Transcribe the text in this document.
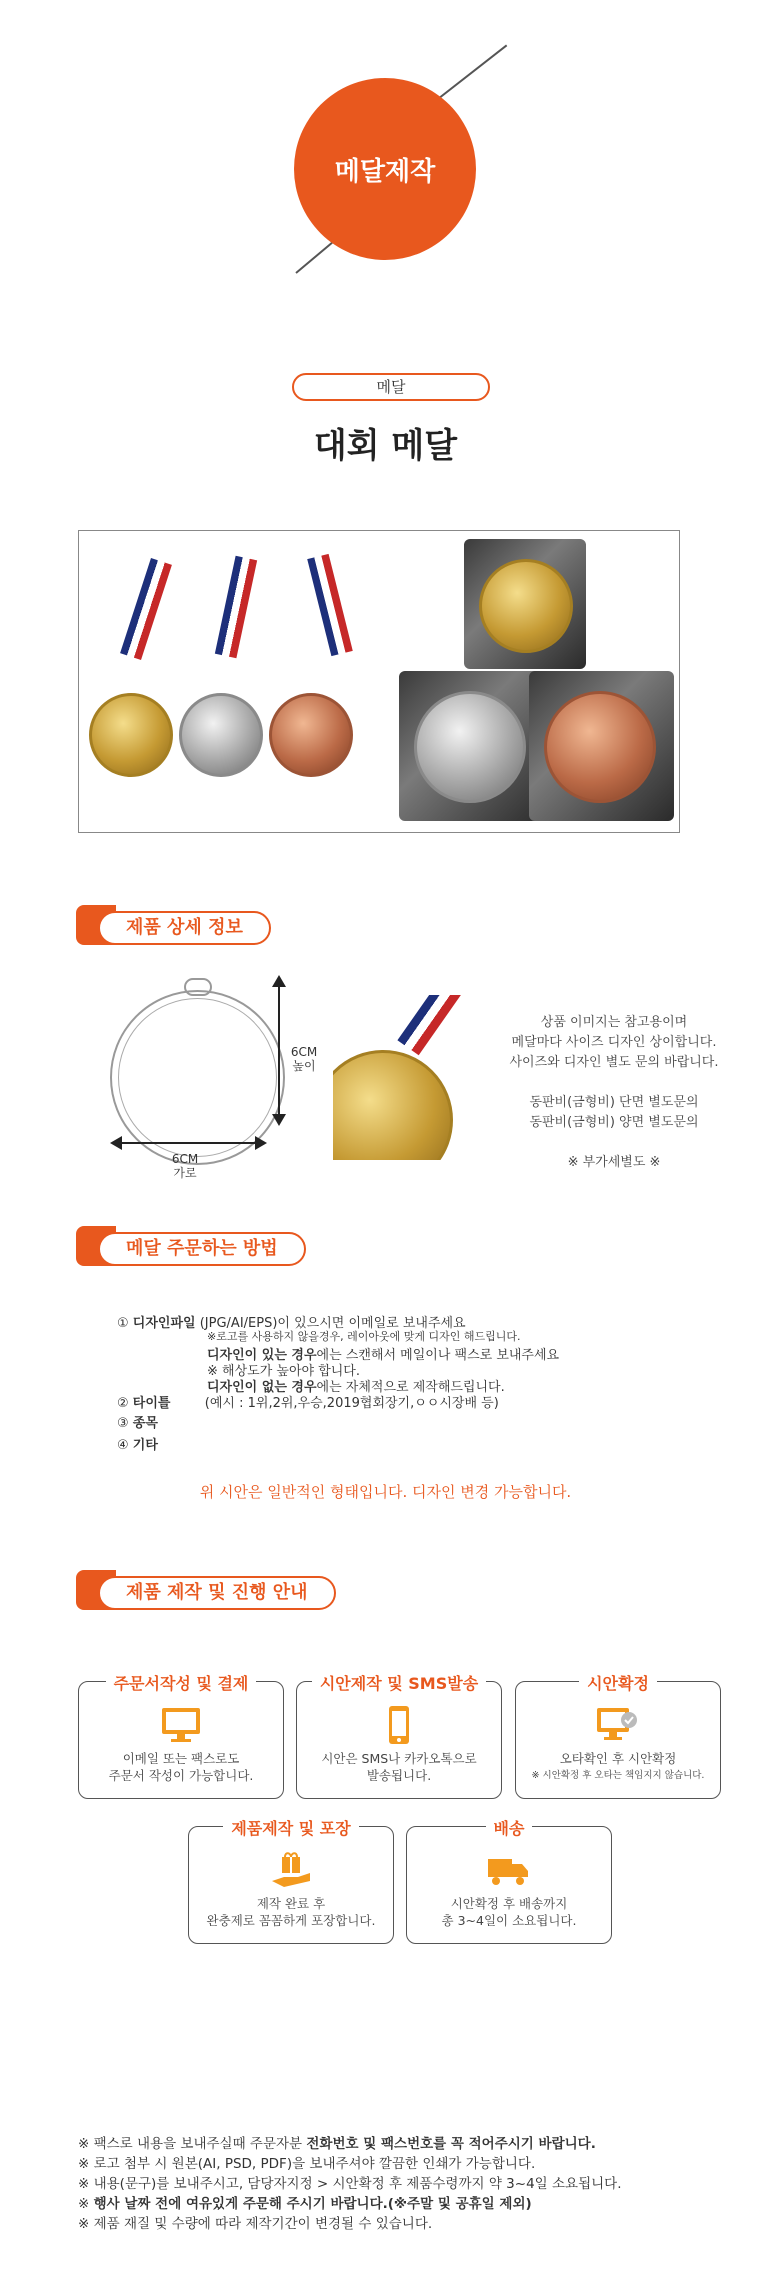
메달제작
메달
대회 메달
제품 상세 정보
6CM
높이
6CM
가로
상품 이미지는 참고용이며
메달마다 사이즈 디자인 상이합니다.
사이즈와 디자인 별도 문의 바랍니다.
동판비(금형비) 단면 별도문의
동판비(금형비) 양면 별도문의
※ 부가세별도 ※
메달 주문하는 방법
① 디자인파일 (JPG/AI/EPS)이 있으시면 이메일로 보내주세요
※로고를 사용하지 않을경우, 레이아웃에 맞게 디자인 해드립니다.
디자인이 있는 경우에는 스캔해서 메일이나 팩스로 보내주세요
※ 해상도가 높아야 합니다.
디자인이 없는 경우에는 자체적으로 제작해드립니다.
② 타이틀	(예시 : 1위,2위,우승,2019협회장기,ㅇㅇ시장배 등)
③ 종목
④ 기타
위 시안은 일반적인 형태입니다. 디자인 변경 가능합니다.
제품 제작 및 진행 안내
주문서작성 및 결제
이메일 또는 팩스로도
주문서 작성이 가능합니다.
시안제작 및 SMS발송
시안은 SMS나 카카오톡으로
발송됩니다.
시안확정
오타확인 후 시안확정
※ 시안확정 후 오타는 책임지지 않습니다.
제품제작 및 포장
제작 완료 후
완충제로 꼼꼼하게 포장합니다.
배송
시안확정 후 배송까지
총 3~4일이 소요됩니다.
※ 팩스로 내용을 보내주실때 주문자분 전화번호 및 팩스번호를 꼭 적어주시기 바랍니다.
※ 로고 첨부 시 원본(AI, PSD, PDF)을 보내주셔야 깔끔한 인쇄가 가능합니다.
※ 내용(문구)를 보내주시고, 담당자지정 > 시안확정 후 제품수령까지 약 3~4일 소요됩니다.
※ 행사 날짜 전에 여유있게 주문해 주시기 바랍니다.(※주말 및 공휴일 제외)
※ 제품 재질 및 수량에 따라 제작기간이 변경될 수 있습니다.
